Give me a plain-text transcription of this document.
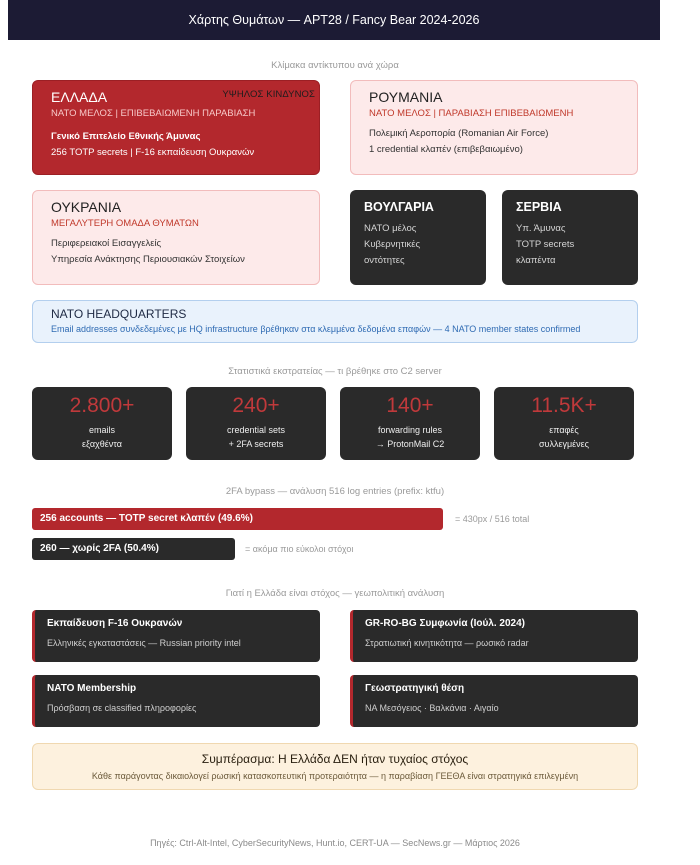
Χάρτης Θυμάτων — APT28 / Fancy Bear 2024-2026
Κλίμακα αντίκτυπου ανά χώρα
ΕΛΛΑΔΑ	ΥΨΗΛΟΣ ΚΙΝΔΥΝΟΣ
ΝΑΤΟ ΜΕΛΟΣ | ΕΠΙΒΕΒΑΙΩΜΕΝΗ ΠΑΡΑΒΙΑΣΗ
Γενικό Επιτελείο Εθνικής Άμυνας
256 TOTP secrets | F-16 εκπαίδευση Ουκρανών
ΡΟΥΜΑΝΙΑ
ΝΑΤΟ ΜΕΛΟΣ | ΠΑΡΑΒΙΑΣΗ ΕΠΙΒΕΒΑΙΩΜΕΝΗ
Πολεμική Αεροπορία (Romanian Air Force)
1 credential κλαπέν (επιβεβαιωμένο)
ΟΥΚΡΑΝΙΑ
ΜΕΓΑΛΥΤΕΡΗ ΟΜΑΔΑ ΘΥΜΑΤΩΝ
Περιφερειακοί Εισαγγελείς
Υπηρεσία Ανάκτησης Περιουσιακών Στοιχείων
ΒΟΥΛΓΑΡΙΑ
ΝΑΤΟ μέλος
Κυβερνητικές
οντότητες
ΣΕΡΒΙΑ
Υπ. Άμυνας
TOTP secrets
κλαπέντα
NATO HEADQUARTERS
Email addresses συνδεδεμένες με HQ infrastructure βρέθηκαν στα κλεμμένα δεδομένα επαφών — 4 NATO member states confirmed
Στατιστικά εκστρατείας — τι βρέθηκε στο C2 server
2.800+
emails
εξαχθέντα
240+
credential sets
+ 2FA secrets
140+
forwarding rules
→ ProtonMail C2
11.5K+
επαφές
συλλεγμένες
2FA bypass — ανάλυση 516 log entries (prefix: ktfu)
256 accounts — TOTP secret κλαπέν (49.6%)	= 430px / 516 total
260 — χωρίς 2FA (50.4%)	= ακόμα πιο εύκολοι στόχοι
Γιατί η Ελλάδα είναι στόχος — γεωπολιτική ανάλυση
Εκπαίδευση F-16 Ουκρανών
Ελληνικές εγκαταστάσεις — Russian priority intel
GR-RO-BG Συμφωνία (Ιούλ. 2024)
Στρατιωτική κινητικότητα — ρωσικό radar
NATO Membership
Πρόσβαση σε classified πληροφορίες
Γεωστρατηγική θέση
ΝΑ Μεσόγειος · Βαλκάνια · Αιγαίο
Συμπέρασμα: Η Ελλάδα ΔΕΝ ήταν τυχαίος στόχος
Κάθε παράγοντας δικαιολογεί ρωσική κατασκοπευτική προτεραιότητα — η παραβίαση ΓΕΕΘΑ είναι στρατηγικά επιλεγμένη
Πηγές: Ctrl-Alt-Intel, CyberSecurityNews, Hunt.io, CERT-UA — SecNews.gr — Μάρτιος 2026
